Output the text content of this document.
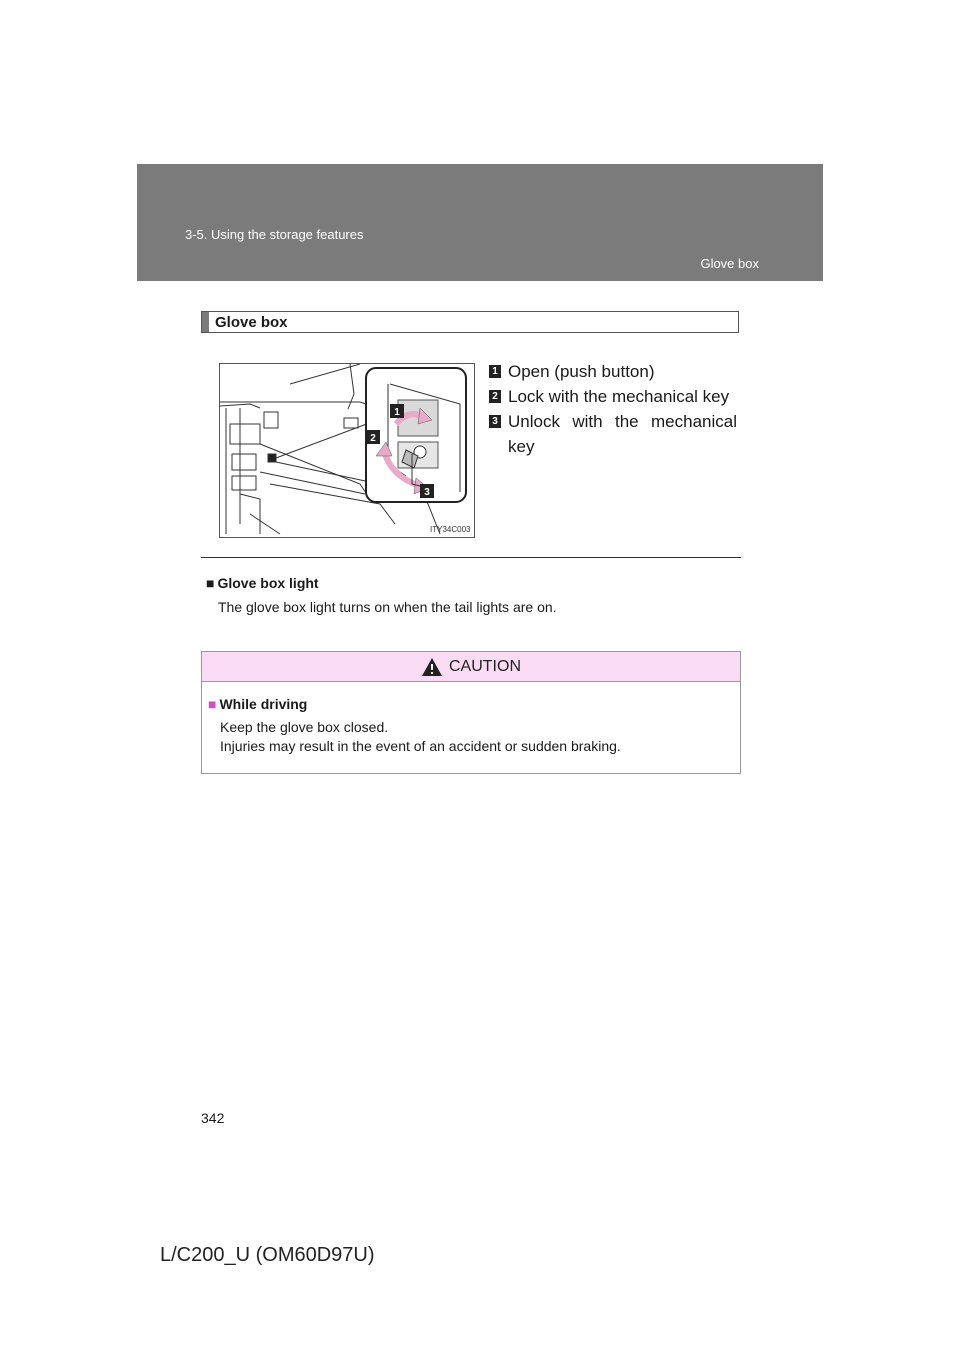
3-5. Using the storage features
Glove box
Glove box
1
2
3
ITY34C003
1 Open (push button)
2 Lock with the mechanical key
3 Unlock with the mechanical key
■ Glove box light
The glove box light turns on when the tail lights are on.
CAUTION
■ While driving
Keep the glove box closed.
Injuries may result in the event of an accident or sudden braking.
342
L/C200_U (OM60D97U)
